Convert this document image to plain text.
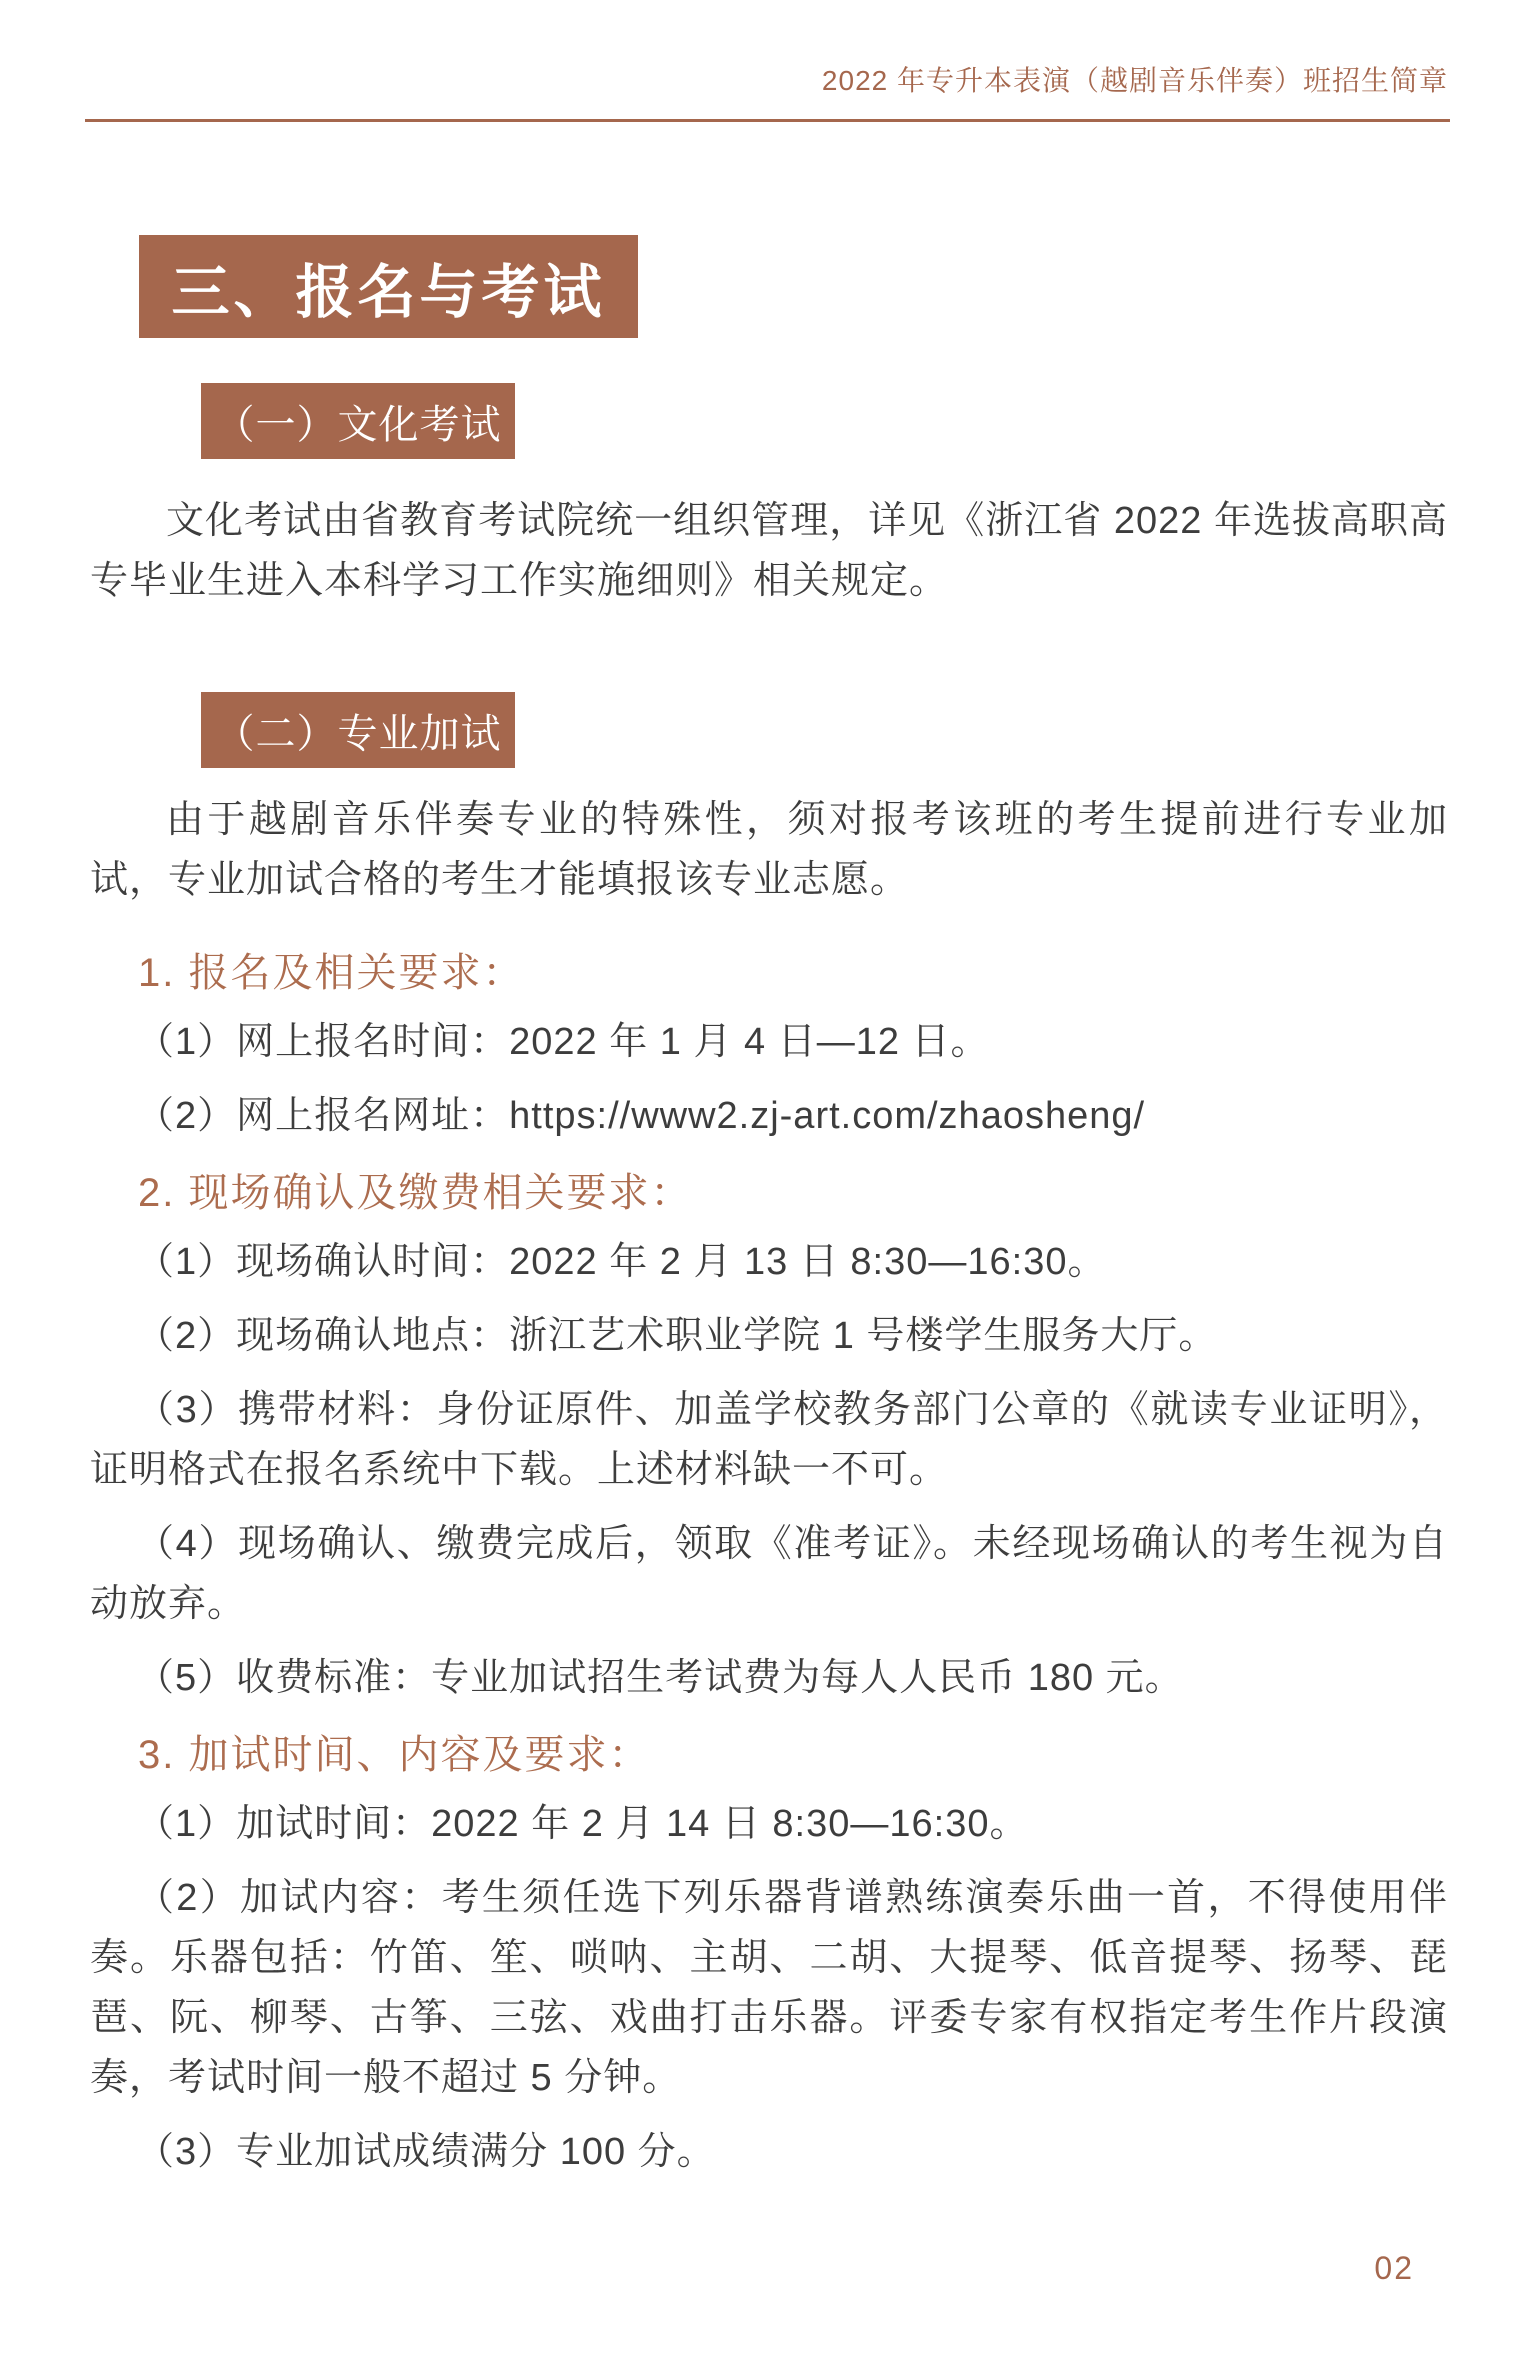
2022 年专升本表演（越剧音乐伴奏）班招生简章
三、报名与考试
（一）文化考试

文化考试由省教育考试院统一组织管理，详见《浙江省 2022 年选拔高职高专毕业生进入本科学习工作实施细则》相关规定。

（二）专业加试

由于越剧音乐伴奏专业的特殊性，须对报考该班的考生提前进行专业加试，专业加试合格的考生才能填报该专业志愿。

1. 报名及相关要求：

（1）网上报名时间：2022 年 1 月 4 日—12 日。

（2）网上报名网址：https://www2.zj-art.com/zhaosheng/

2. 现场确认及缴费相关要求：

（1）现场确认时间：2022 年 2 月 13 日 8:30—16:30。

（2）现场确认地点：浙江艺术职业学院 1 号楼学生服务大厅。

（3）携带材料：身份证原件、加盖学校教务部门公章的《就读专业证明》，证明格式在报名系统中下载。上述材料缺一不可。

（4）现场确认、缴费完成后，领取《准考证》。未经现场确认的考生视为自动放弃。

（5）收费标准：专业加试招生考试费为每人人民币 180 元。

3. 加试时间、内容及要求：

（1）加试时间：2022 年 2 月 14 日 8:30—16:30。

（2）加试内容：考生须任选下列乐器背谱熟练演奏乐曲一首，不得使用伴奏。乐器包括：竹笛、笙、唢呐、主胡、二胡、大提琴、低音提琴、扬琴、琵琶、阮、柳琴、古筝、三弦、戏曲打击乐器。评委专家有权指定考生作片段演奏，考试时间一般不超过 5 分钟。

（3）专业加试成绩满分 100 分。

02
